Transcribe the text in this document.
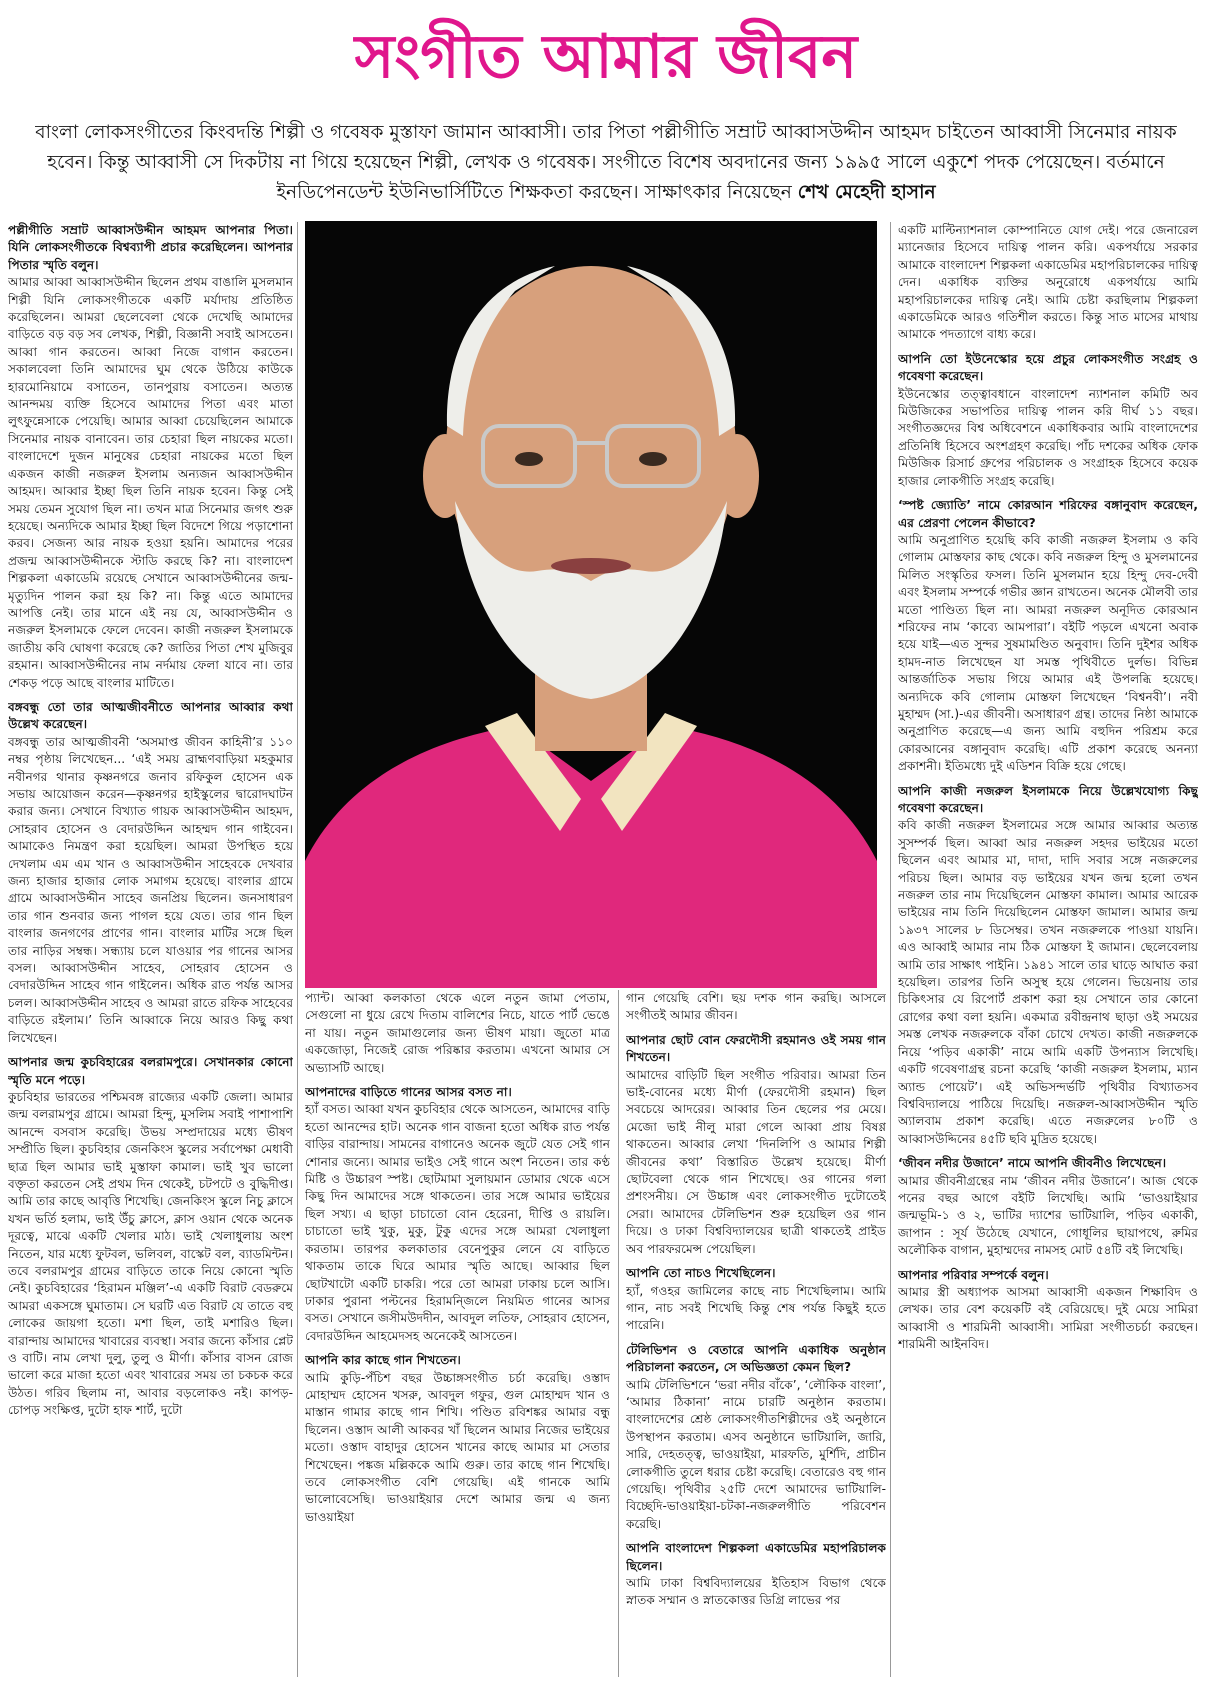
সংগীত আমার জীবন
বাংলা লোকসংগীতের কিংবদন্তি শিল্পী ও গবেষক মুস্তাফা জামান আব্বাসী। তার পিতা পল্লীগীতি সম্রাট আব্বাসউদ্দীন আহমদ চাইতেন আব্বাসী সিনেমার নায়ক হবেন। কিন্তু আব্বাসী সে দিকটায় না গিয়ে হয়েছেন শিল্পী, লেখক ও গবেষক। সংগীতে বিশেষ অবদানের জন্য ১৯৯৫ সালে একুশে পদক পেয়েছেন। বর্তমানে ইনডিপেনডেন্ট ইউনিভার্সিটিতে শিক্ষকতা করছেন। সাক্ষাৎকার নিয়েছেন শেখ মেহেদী হাসান

পল্লীগীতি সম্রাট আব্বাসউদ্দীন আহমদ আপনার পিতা। যিনি লোকসংগীতকে বিশ্বব্যাপী প্রচার করেছিলেন। আপনার পিতার স্মৃতি বলুন।

আমার আব্বা আব্বাসউদ্দীন ছিলেন প্রথম বাঙালি মুসলমান শিল্পী যিনি লোকসংগীতকে একটি মর্যাদায় প্রতিষ্ঠিত করেছিলেন। আমরা ছেলেবেলা থেকে দেখেছি আমাদের বাড়িতে বড় বড় সব লেখক, শিল্পী, বিজ্ঞানী সবাই আসতেন। আব্বা গান করতেন। আব্বা নিজে বাগান করতেন। সকালবেলা তিনি আমাদের ঘুম থেকে উঠিয়ে কাউকে হারমোনিয়ামে বসাতেন, তানপুরায় বসাতেন। অত্যন্ত আনন্দময় ব্যক্তি হিসেবে আমাদের পিতা এবং মাতা লুৎফুন্নেসাকে পেয়েছি। আমার আব্বা চেয়েছিলেন আমাকে সিনেমার নায়ক বানাবেন। তার চেহারা ছিল নায়কের মতো। বাংলাদেশে দুজন মানুষের চেহারা নায়কের মতো ছিল একজন কাজী নজরুল ইসলাম অন্যজন আব্বাসউদ্দীন আহমদ। আব্বার ইচ্ছা ছিল তিনি নায়ক হবেন। কিন্তু সেই সময় তেমন সুযোগ ছিল না। তখন মাত্র সিনেমার জগৎ শুরু হয়েছে। অন্যদিকে আমার ইচ্ছা ছিল বিদেশে গিয়ে পড়াশোনা করব। সেজন্য আর নায়ক হওয়া হয়নি। আমাদের পরের প্রজন্ম আব্বাসউদ্দীনকে স্টাডি করছে কি? না। বাংলাদেশ শিল্পকলা একাডেমি রয়েছে সেখানে আব্বাসউদ্দীনের জন্ম-মৃত্যুদিন পালন করা হয় কি? না। কিন্তু এতে আমাদের আপত্তি নেই। তার মানে এই নয় যে, আব্বাসউদ্দীন ও নজরুল ইসলামকে ফেলে দেবেন। কাজী নজরুল ইসলামকে জাতীয় কবি ঘোষণা করেছে কে? জাতির পিতা শেখ মুজিবুর রহমান। আব্বাসউদ্দীনের নাম নর্দমায় ফেলা যাবে না। তার শেকড় পড়ে আছে বাংলার মাটিতে।

বঙ্গবন্ধু তো তার আত্মজীবনীতে আপনার আব্বার কথা উল্লেখ করেছেন।

বঙ্গবন্ধু তার আত্মজীবনী ‘অসমাপ্ত জীবন কাহিনী’র ১১০ নম্বর পৃষ্ঠায় লিখেছেন... ‘এই সময় ব্রাহ্মণবাড়িয়া মহকুমার নবীনগর থানার কৃষ্ণনগরে জনাব রফিকুল হোসেন এক সভায় আয়োজন করেন—কৃষ্ণনগর হাইস্কুলের দ্বারোদঘাটন করার জন্য। সেখানে বিখ্যাত গায়ক আব্বাসউদ্দীন আহমদ, সোহরাব হোসেন ও বেদারউদ্দিন আহম্মদ গান গাইবেন। আমাকেও নিমন্ত্রণ করা হয়েছিল। আমরা উপস্থিত হয়ে দেখলাম এম এম খান ও আব্বাসউদ্দীন সাহেবকে দেখবার জন্য হাজার হাজার লোক সমাগম হয়েছে। বাংলার গ্রামে গ্রামে আব্বাসউদ্দীন সাহেব জনপ্রিয় ছিলেন। জনসাধারণ তার গান শুনবার জন্য পাগল হয়ে যেত। তার গান ছিল বাংলার জনগণের প্রাণের গান। বাংলার মাটির সঙ্গে ছিল তার নাড়ির সম্বন্ধ। সন্ধ্যায় চলে যাওয়ার পর গানের আসর বসল। আব্বাসউদ্দীন সাহেব, সোহরাব হোসেন ও বেদারউদ্দিন সাহেব গান গাইলেন। অধিক রাত পর্যন্ত আসর চলল। আব্বাসউদ্দীন সাহেব ও আমরা রাতে রফিক সাহেবের বাড়িতে রইলাম।’ তিনি আব্বাকে নিয়ে আরও কিছু কথা লিখেছেন।

আপনার জন্ম কুচবিহারের বলরামপুরে। সেখানকার কোনো স্মৃতি মনে পড়ে।

কুচবিহার ভারতের পশ্চিমবঙ্গ রাজ্যের একটি জেলা। আমার জন্ম বলরামপুর গ্রামে। আমরা হিন্দু, মুসলিম সবাই পাশাপাশি আনন্দে বসবাস করেছি। উভয় সম্প্রদায়ের মধ্যে ভীষণ সম্প্রীতি ছিল। কুচবিহার জেনকিংস স্কুলের সর্বাপেক্ষা মেধাবী ছাত্র ছিল আমার ভাই মুস্তাফা কামাল। ভাই খুব ভালো বক্তৃতা করতেন সেই প্রথম দিন থেকেই, চটপটে ও বুদ্ধিদীপ্ত। আমি তার কাছে আবৃত্তি শিখেছি। জেনকিংস স্কুলে নিচু ক্লাসে যখন ভর্তি হলাম, ভাই উঁচু ক্লাসে, ক্লাস ওয়ান থেকে অনেক দূরত্বে, মাঝে একটি খেলার মাঠ। ভাই খেলাধুলায় অংশ নিতেন, যার মধ্যে ফুটবল, ভলিবল, বাস্কেট বল, ব্যাডমিন্টন। তবে বলরামপুর গ্রামের বাড়িতে তাকে নিয়ে কোনো স্মৃতি নেই। কুচবিহারের ‘হিরামন মঞ্জিল’-এ একটি বিরাট বেডরুমে আমরা একসঙ্গে ঘুমাতাম। সে ঘরটি এত বিরাট যে তাতে বহু লোকের জায়গা হতো। মশা ছিল, তাই মশারিও ছিল। বারান্দায় আমাদের খাবারের ব্যবস্থা। সবার জন্যে কাঁসার প্লেট ও বাটি। নাম লেখা দুলু, তুলু ও মীর্ণা। কাঁসার বাসন রোজ ভালো করে মাজা হতো এবং খাবারের সময় তা চকচক করে উঠত। গরিব ছিলাম না, আবার বড়লোকও নই। কাপড়-চোপড় সংক্ষিপ্ত, দুটো হাফ শার্ট, দুটো

প্যান্ট। আব্বা কলকাতা থেকে এলে নতুন জামা পেতাম, সেগুলো না ধুয়ে রেখে দিতাম বালিশের নিচে, যাতে পার্ট ভেঙে না যায়। নতুন জামাগুলোর জন্য ভীষণ মায়া। জুতো মাত্র একজোড়া, নিজেই রোজ পরিষ্কার করতাম। এখনো আমার সে অভ্যাসটি আছে।

আপনাদের বাড়িতে গানের আসর বসত না।

হ্যাঁ বসত। আব্বা যখন কুচবিহার থেকে আসতেন, আমাদের বাড়ি হতো আনন্দের হাট। অনেক গান বাজনা হতো অধিক রাত পর্যন্ত বাড়ির বারান্দায়। সামনের বাগানেও অনেক জুটে যেত সেই গান শোনার জন্যে। আমার ভাইও সেই গানে অংশ নিতেন। তার কণ্ঠ মিষ্টি ও উচ্চারণ স্পষ্ট। ছোটমামা সুলায়মান ডোমার থেকে এসে কিছু দিন আমাদের সঙ্গে থাকতেন। তার সঙ্গে আমার ভাইয়ের ছিল সখ্য। এ ছাড়া চাচাতো বোন হেরেনা, দীপ্তি ও রায়লি। চাচাতো ভাই খুকু, মুকু, টুকু এদের সঙ্গে আমরা খেলাধুলা করতাম। তারপর কলকাতার বেনেপুকুর লেনে যে বাড়িতে থাকতাম তাকে ঘিরে আমার স্মৃতি আছে। আব্বার ছিল ছোটখাটো একটি চাকরি। পরে তো আমরা ঢাকায় চলে আসি। ঢাকার পুরানা পল্টনের হিরামন্জিলে নিয়মিত গানের আসর বসত। সেখানে জসীমউদদীন, আবদুল লতিফ, সোহরাব হোসেন, বেদারউদ্দিন আহমেদসহ অনেকেই আসতেন।

আপনি কার কাছে গান শিখতেন।

আমি কুড়ি-পঁচিশ বছর উচ্চাঙ্গসংগীত চর্চা করেছি। ওস্তাদ মোহাম্মদ হোসেন খসরু, আবদুল গফুর, গুল মোহাম্মদ খান ও মাস্তান গামার কাছে গান শিখি। পণ্ডিত রবিশঙ্কর আমার বন্ধু ছিলেন। ওস্তাদ আলী আকবর খাঁ ছিলেন আমার নিজের ভাইয়ের মতো। ওস্তাদ বাহাদুর হোসেন খানের কাছে আমার মা সেতার শিখেছেন। পঙ্কজ মল্লিককে আমি গুরু। তার কাছে গান শিখেছি। তবে লোকসংগীত বেশি গেয়েছি। এই গানকে আমি ভালোবেসেছি। ভাওয়াইয়ার দেশে আমার জন্ম এ জন্য ভাওয়াইয়া

গান গেয়েছি বেশি। ছয় দশক গান করছি। আসলে সংগীতই আমার জীবন।

আপনার ছোট বোন ফেরদৌসী রহমানও ওই সময় গান শিখতেন।

আমাদের বাড়িটি ছিল সংগীত পরিবার। আমরা তিন ভাই-বোনের মধ্যে মীর্ণা (ফেরদৌসী রহমান) ছিল সবচেয়ে আদরের। আব্বার তিন ছেলের পর মেয়ে। মেজো ভাই নীলু মারা গেলে আব্বা প্রায় বিষণ্ণ থাকতেন। আব্বার লেখা ‘দিনলিপি ও আমার শিল্পী জীবনের কথা’ বিস্তারিত উল্লেখ হয়েছে। মীর্ণা ছোটবেলা থেকে গান শিখেছে। ওর গানের গলা প্রশংসনীয়। সে উচ্চাঙ্গ এবং লোকসংগীত দুটোতেই সেরা। আমাদের টেলিভিশন শুরু হয়েছিল ওর গান দিয়ে। ও ঢাকা বিশ্ববিদ্যালয়ের ছাত্রী থাকতেই প্রাইড অব পারফরমেন্স পেয়েছিল।

আপনি তো নাচও শিখেছিলেন।

হ্যাঁ, গওহর জামিলের কাছে নাচ শিখেছিলাম। আমি গান, নাচ সবই শিখেছি কিন্তু শেষ পর্যন্ত কিছুই হতে পারেনি।

টেলিভিশন ও বেতারে আপনি একাধিক অনুষ্ঠান পরিচালনা করতেন, সে অভিজ্ঞতা কেমন ছিল?

আমি টেলিভিশনে ‘ভরা নদীর বাঁকে’, ‘লৌকিক বাংলা’, ‘আমার ঠিকানা’ নামে চারটি অনুষ্ঠান করতাম। বাংলাদেশের শ্রেষ্ঠ লোকসংগীতশিল্পীদের ওই অনুষ্ঠানে উপস্থাপন করতাম। এসব অনুষ্ঠানে ভাটিয়ালি, জারি, সারি, দেহতত্ত্ব, ভাওয়াইয়া, মারফতি, মুর্শিদি, প্রাচীন লোকগীতি তুলে ধরার চেষ্টা করেছি। বেতারেও বহু গান গেয়েছি। পৃথিবীর ২৫টি দেশে আমাদের ভাটিয়ালি-বিচ্ছেদি-ভাওয়াইয়া-চটকা-নজরুলগীতি পরিবেশন করেছি।

আপনি বাংলাদেশ শিল্পকলা একাডেমির মহাপরিচালক ছিলেন।

আমি ঢাকা বিশ্ববিদ্যালয়ের ইতিহাস বিভাগ থেকে স্নাতক সম্মান ও স্নাতকোত্তর ডিগ্রি লাভের পর

একটি মাল্টিন্যাশনাল কোম্পানিতে যোগ দেই। পরে জেনারেল ম্যানেজার হিসেবে দায়িত্ব পালন করি। একপর্যায়ে সরকার আমাকে বাংলাদেশ শিল্পকলা একাডেমির মহাপরিচালকের দায়িত্ব দেন। একাধিক ব্যক্তির অনুরোধে একপর্যায়ে আমি মহাপরিচালকের দায়িত্ব নেই। আমি চেষ্টা করছিলাম শিল্পকলা একাডেমিকে আরও গতিশীল করতে। কিন্তু সাত মাসের মাথায় আমাকে পদত্যাগে বাধ্য করে।

আপনি তো ইউনেস্কোর হয়ে প্রচুর লোকসংগীত সংগ্রহ ও গবেষণা করেছেন।

ইউনেস্কোর তত্ত্বাবধানে বাংলাদেশ ন্যাশনাল কমিটি অব মিউজিকের সভাপতির দায়িত্ব পালন করি দীর্ঘ ১১ বছর। সংগীতজ্ঞদের বিশ্ব অধিবেশনে একাধিকবার আমি বাংলাদেশের প্রতিনিধি হিসেবে অংশগ্রহণ করেছি। পাঁচ দশকের অধিক ফোক মিউজিক রিসার্চ গ্রুপের পরিচালক ও সংগ্রাহক হিসেবে কয়েক হাজার লোকগীতি সংগ্রহ করেছি।

‘স্পষ্ট জ্যোতি’ নামে কোরআন শরিফের বঙ্গানুবাদ করেছেন, এর প্রেরণা পেলেন কীভাবে?

আমি অনুপ্রাণিত হয়েছি কবি কাজী নজরুল ইসলাম ও কবি গোলাম মোস্তফার কাছ থেকে। কবি নজরুল হিন্দু ও মুসলমানের মিলিত সংস্কৃতির ফসল। তিনি মুসলমান হয়ে হিন্দু দেব-দেবী এবং ইসলাম সম্পর্কে গভীর জ্ঞান রাখতেন। অনেক মৌলবী তার মতো পাণ্ডিত্য ছিল না। আমরা নজরুল অনূদিত কোরআন শরিফের নাম ‘কাব্যে আমপারা’। বইটি পড়লে এখনো অবাক হয়ে যাই—এত সুন্দর সুষমামণ্ডিত অনুবাদ। তিনি দুইশর অধিক হামদ-নাত লিখেছেন যা সমস্ত পৃথিবীতে দুর্লভ। বিভিন্ন আন্তর্জাতিক সভায় গিয়ে আমার এই উপলব্ধি হয়েছে। অন্যদিকে কবি গোলাম মোস্তফা লিখেছেন ‘বিশ্বনবী’। নবী মুহাম্মদ (সা.)-এর জীবনী। অসাধারণ গ্রন্থ। তাদের নিষ্ঠা আমাকে অনুপ্রাণিত করেছে—এ জন্য আমি বহুদিন পরিশ্রম করে কোরআনের বঙ্গানুবাদ করেছি। এটি প্রকাশ করেছে অনন্যা প্রকাশনী। ইতিমধ্যে দুই এডিশন বিক্রি হয়ে গেছে।

আপনি কাজী নজরুল ইসলামকে নিয়ে উল্লেখযোগ্য কিছু গবেষণা করেছেন।

কবি কাজী নজরুল ইসলামের সঙ্গে আমার আব্বার অত্যন্ত সুসম্পর্ক ছিল। আব্বা আর নজরুল সহদর ভাইয়ের মতো ছিলেন এবং আমার মা, দাদা, দাদি সবার সঙ্গে নজরুলের পরিচয় ছিল। আমার বড় ভাইয়ের যখন জন্ম হলো তখন নজরুল তার নাম দিয়েছিলেন মোস্তফা কামাল। আমার আরেক ভাইয়ের নাম তিনি দিয়েছিলেন মোস্তফা জামাল। আমার জন্ম ১৯৩৭ সালের ৮ ডিসেম্বর। তখন নজরুলকে পাওয়া যায়নি। এও আব্বাই আমার নাম ঠিক মোস্তফা ই জামান। ছেলেবেলায় আমি তার সাক্ষাৎ পাইনি। ১৯৪১ সালে তার ঘাড়ে আঘাত করা হয়েছিল। তারপর তিনি অসুস্থ হয়ে গেলেন। ভিয়েনায় তার চিকিৎসার যে রিপোর্ট প্রকাশ করা হয় সেখানে তার কোনো রোগের কথা বলা হয়নি। একমাত্র রবীন্দ্রনাথ ছাড়া ওই সময়ের সমস্ত লেখক নজরুলকে বাঁকা চোখে দেখত। কাজী নজরুলকে নিয়ে ‘পড়িব একাকী’ নামে আমি একটি উপন্যাস লিখেছি। একটি গবেষণাগ্রন্থ রচনা করেছি ‘কাজী নজরুল ইসলাম, ম্যান অ্যান্ড পোয়েট’। এই অভিসন্দর্ভটি পৃথিবীর বিখ্যাতসব বিশ্ববিদ্যালয়ে পাঠিয়ে দিয়েছি। নজরুল-আব্বাসউদ্দীন স্মৃতি অ্যালবাম প্রকাশ করেছি। এতে নজরুলের ৮০টি ও আব্বাসউদ্দিনের ৪৫টি ছবি মুদ্রিত হয়েছে।

‘জীবন নদীর উজানে’ নামে আপনি জীবনীও লিখেছেন।

আমার জীবনীগ্রন্থের নাম ‘জীবন নদীর উজানে’। আজ থেকে পনের বছর আগে বইটি লিখেছি। আমি ‘ভাওয়াইয়ার জন্মভূমি-১ ও ২, ভাটির দ্যাশের ভাটিয়ালি, পড়িব একাকী, জাপান : সূর্য উঠেছে যেখানে, গোধূলির ছায়াপথে, রুমির অলৌকিক বাগান, মুহাম্মদের নামসহ মোট ৫৪টি বই লিখেছি।

আপনার পরিবার সম্পর্কে বলুন।

আমার স্ত্রী অধ্যাপক আসমা আব্বাসী একজন শিক্ষাবিদ ও লেখক। তার বেশ কয়েকটি বই বেরিয়েছে। দুই মেয়ে সামিরা আব্বাসী ও শারমিনী আব্বাসী। সামিরা সংগীতচর্চা করছেন। শারমিনী আইনবিদ।
